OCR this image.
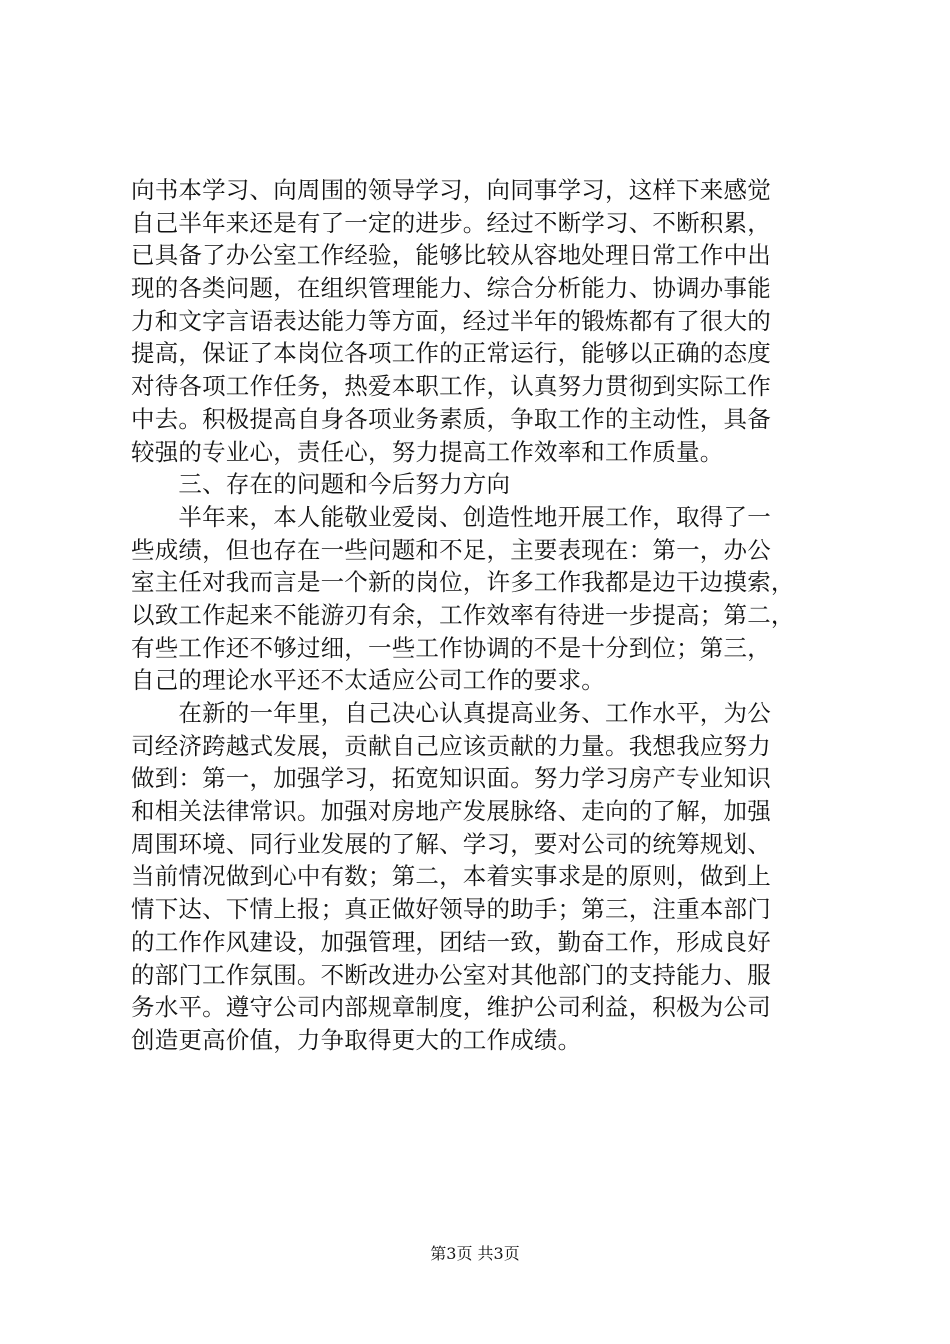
向书本学习、向周围的领导学习，向同事学习，这样下来感觉
自己半年来还是有了一定的进步。经过不断学习、不断积累，
已具备了办公室工作经验，能够比较从容地处理日常工作中出
现的各类问题，在组织管理能力、综合分析能力、协调办事能
力和文字言语表达能力等方面，经过半年的锻炼都有了很大的
提高，保证了本岗位各项工作的正常运行，能够以正确的态度
对待各项工作任务，热爱本职工作，认真努力贯彻到实际工作
中去。积极提高自身各项业务素质，争取工作的主动性，具备
较强的专业心，责任心，努力提高工作效率和工作质量。
　　三、存在的问题和今后努力方向
　　半年来，本人能敬业爱岗、创造性地开展工作，取得了一
些成绩，但也存在一些问题和不足，主要表现在：第一，办公
室主任对我而言是一个新的岗位，许多工作我都是边干边摸索，
以致工作起来不能游刃有余，工作效率有待进一步提高；第二，
有些工作还不够过细，一些工作协调的不是十分到位；第三，
自己的理论水平还不太适应公司工作的要求。
　　在新的一年里，自己决心认真提高业务、工作水平，为公
司经济跨越式发展，贡献自己应该贡献的力量。我想我应努力
做到：第一，加强学习，拓宽知识面。努力学习房产专业知识
和相关法律常识。加强对房地产发展脉络、走向的了解，加强
周围环境、同行业发展的了解、学习，要对公司的统筹规划、
当前情况做到心中有数；第二，本着实事求是的原则，做到上
情下达、下情上报；真正做好领导的助手；第三，注重本部门
的工作作风建设，加强管理，团结一致，勤奋工作，形成良好
的部门工作氛围。不断改进办公室对其他部门的支持能力、服
务水平。遵守公司内部规章制度，维护公司利益，积极为公司
创造更高价值，力争取得更大的工作成绩。
第3页 共3页
